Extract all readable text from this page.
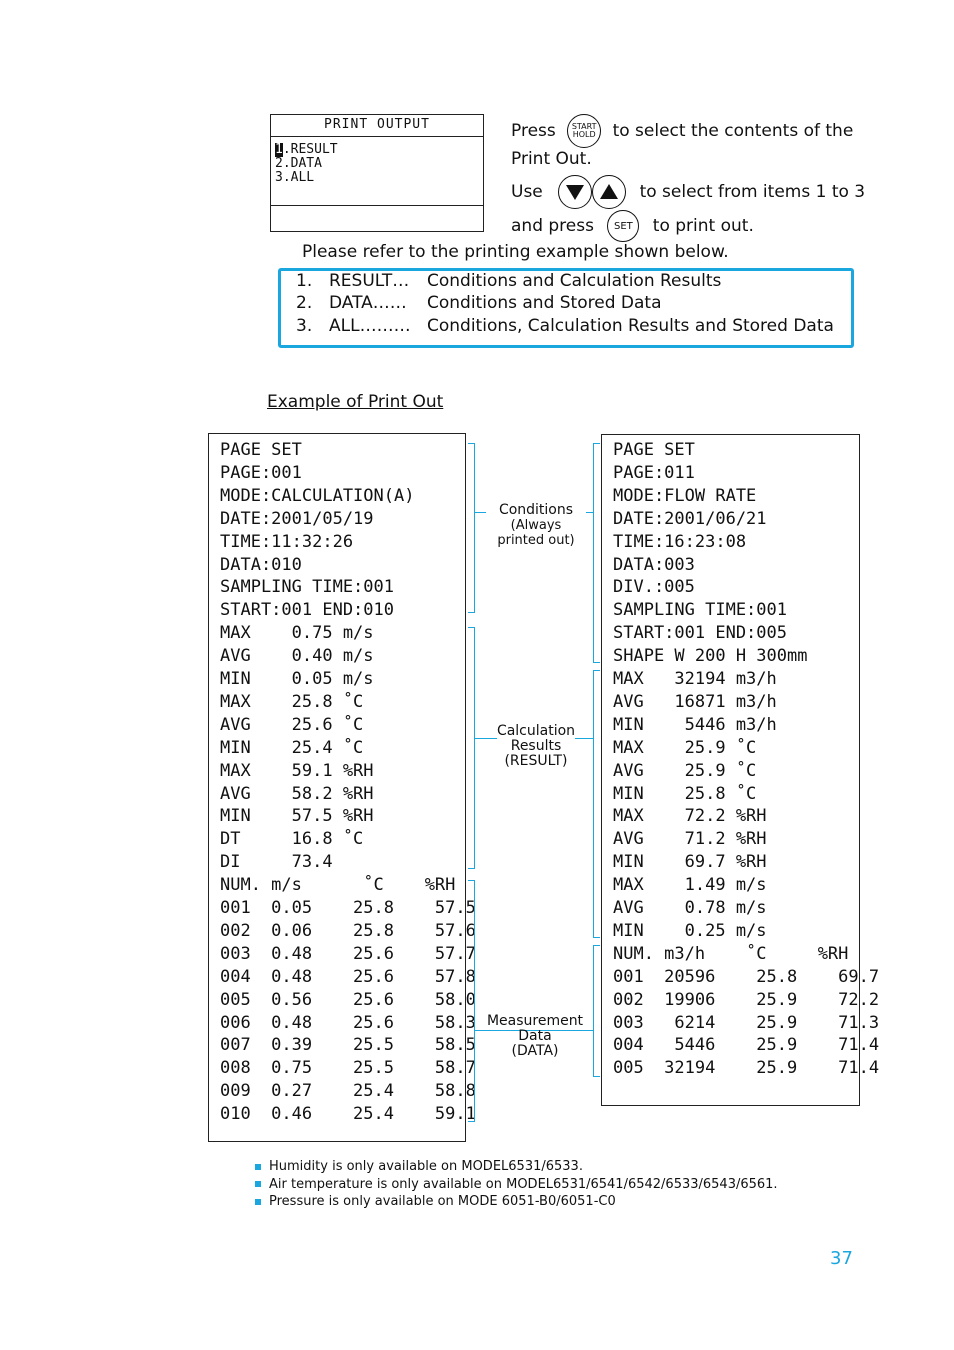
PRINT OUTPUT
1.RESULT
2.DATA
3.ALL
Press START
HOLD to select the contents of the
Print Out.
Use	to select from items 1 to 3
and press SET to print out.
Please refer to the printing example shown below.
1. RESULT… Conditions and Calculation Results
2. DATA…… Conditions and Stored Data
3. ALL……… Conditions, Calculation Results and Stored Data
Example of Print Out
PAGE SET
PAGE:001
MODE:CALCULATION(A)
DATE:2001/05/19
TIME:11:32:26
DATA:010
SAMPLING TIME:001
START:001 END:010
MAX    0.75 m/s
AVG    0.40 m/s
MIN    0.05 m/s
MAX    25.8 ˚C
AVG    25.6 ˚C
MIN    25.4 ˚C
MAX    59.1 %RH
AVG    58.2 %RH
MIN    57.5 %RH
DT     16.8 ˚C
DI     73.4
NUM. m/s      ˚C    %RH
001  0.05    25.8    57.5
002  0.06    25.8    57.6
003  0.48    25.6    57.7
004  0.48    25.6    57.8
005  0.56    25.6    58.0
006  0.48    25.6    58.3
007  0.39    25.5    58.5
008  0.75    25.5    58.7
009  0.27    25.4    58.8
010  0.46    25.4    59.1
PAGE SET
PAGE:011
MODE:FLOW RATE
DATE:2001/06/21
TIME:16:23:08
DATA:003
DIV.:005
SAMPLING TIME:001
START:001 END:005
SHAPE W 200 H 300mm
MAX   32194 m3/h
AVG   16871 m3/h
MIN    5446 m3/h
MAX    25.9 ˚C
AVG    25.9 ˚C
MIN    25.8 ˚C
MAX    72.2 %RH
AVG    71.2 %RH
MIN    69.7 %RH
MAX    1.49 m/s
AVG    0.78 m/s
MIN    0.25 m/s
NUM. m3/h    ˚C     %RH
001  20596    25.8    69.7
002  19906    25.9    72.2
003   6214    25.9    71.3
004   5446    25.9    71.4
005  32194    25.9    71.4
Conditions
(Always
printed out)
Calculation
Results
(RESULT)
Measurement
Data
(DATA)
Humidity is only available on MODEL6531/6533.
Air temperature is only available on MODEL6531/6541/6542/6533/6543/6561.
Pressure is only available on MODE 6051-B0/6051-C0
37
